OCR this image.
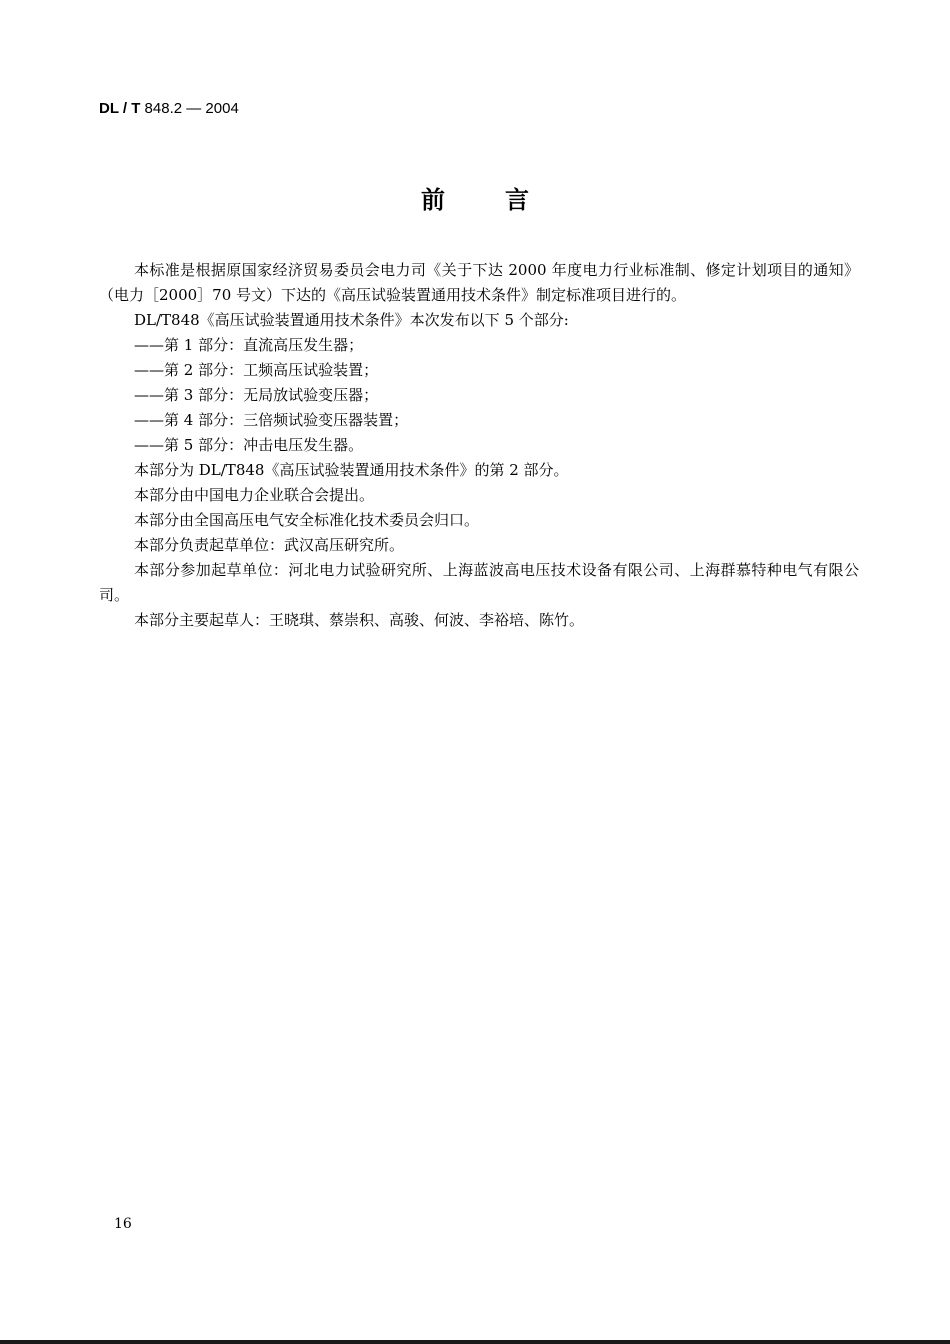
DL / T 848.2 — 2004
前	言

本标准是根据原国家经济贸易委员会电力司《关于下达 2000 年度电力行业标准制、修定计划项目的通知》（电力［2000］70 号文）下达的《高压试验装置通用技术条件》制定标准项目进行的。

DL/T848《高压试验装置通用技术条件》本次发布以下 5 个部分:

——第 1 部分：直流高压发生器；

——第 2 部分：工频高压试验装置；

——第 3 部分：无局放试验变压器；

——第 4 部分：三倍频试验变压器装置；

——第 5 部分：冲击电压发生器。

本部分为 DL/T848《高压试验装置通用技术条件》的第 2 部分。

本部分由中国电力企业联合会提出。

本部分由全国高压电气安全标准化技术委员会归口。

本部分负责起草单位：武汉高压研究所。

本部分参加起草单位：河北电力试验研究所、上海蓝波高电压技术设备有限公司、上海群慕特种电气有限公司。

本部分主要起草人：王晓琪、蔡崇积、高骏、何波、李裕培、陈竹。

16
